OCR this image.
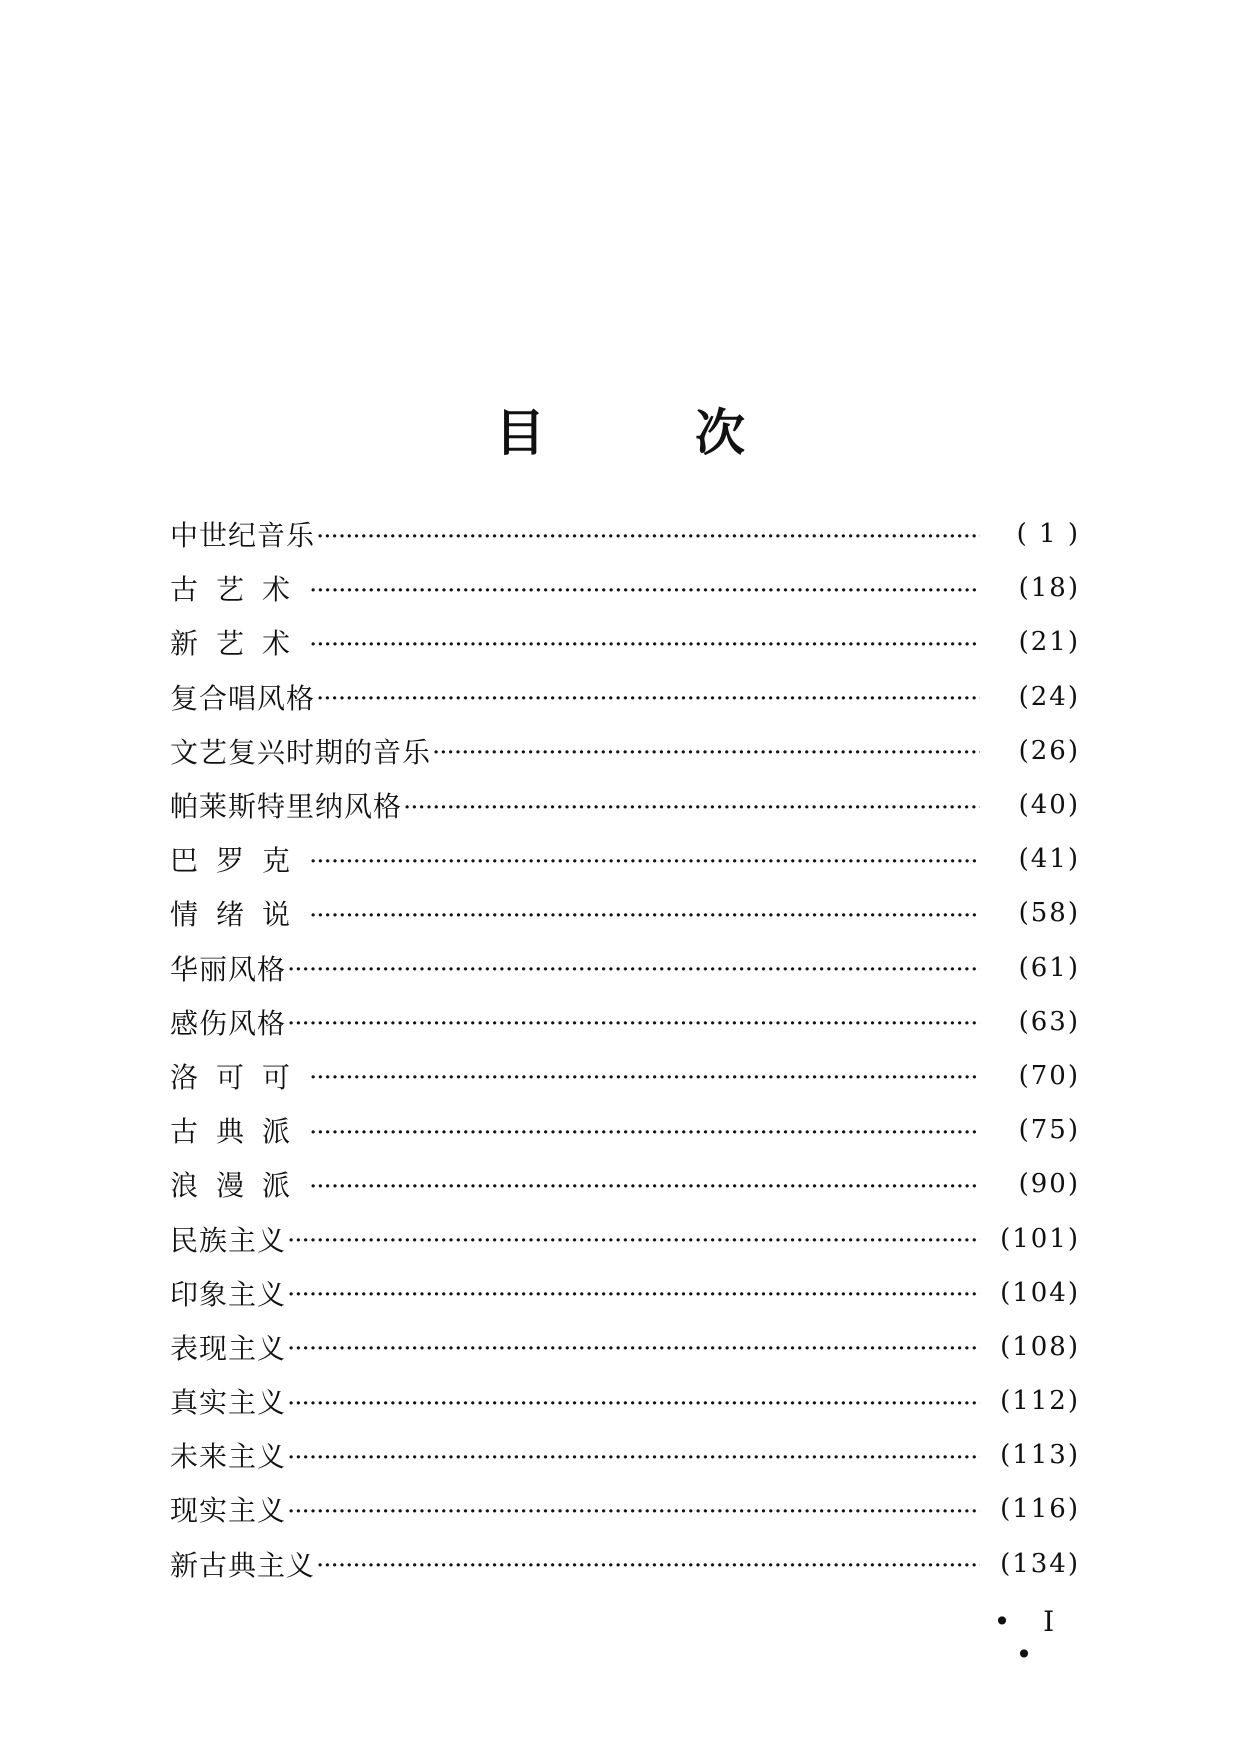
目	次
中世纪音乐 ·····	( 1 )
古艺术 ·····	(18)
新艺术 ·····	(21)
复合唱风格 ·····	(24)
文艺复兴时期的音乐 ·····	(26)
帕莱斯特里纳风格 ·····	(40)
巴罗克 ·····	(41)
情绪说 ·····	(58)
华丽风格 ·····	(61)
感伤风格 ·····	(63)
洛可可 ·····	(70)
古典派 ·····	(75)
浪漫派 ·····	(90)
民族主义 ·····	(101)
印象主义 ·····	(104)
表现主义 ·····	(108)
真实主义 ·····	(112)
未来主义 ·····	(113)
现实主义 ·····	(116)
新古典主义 ·····	(134)
• I •
